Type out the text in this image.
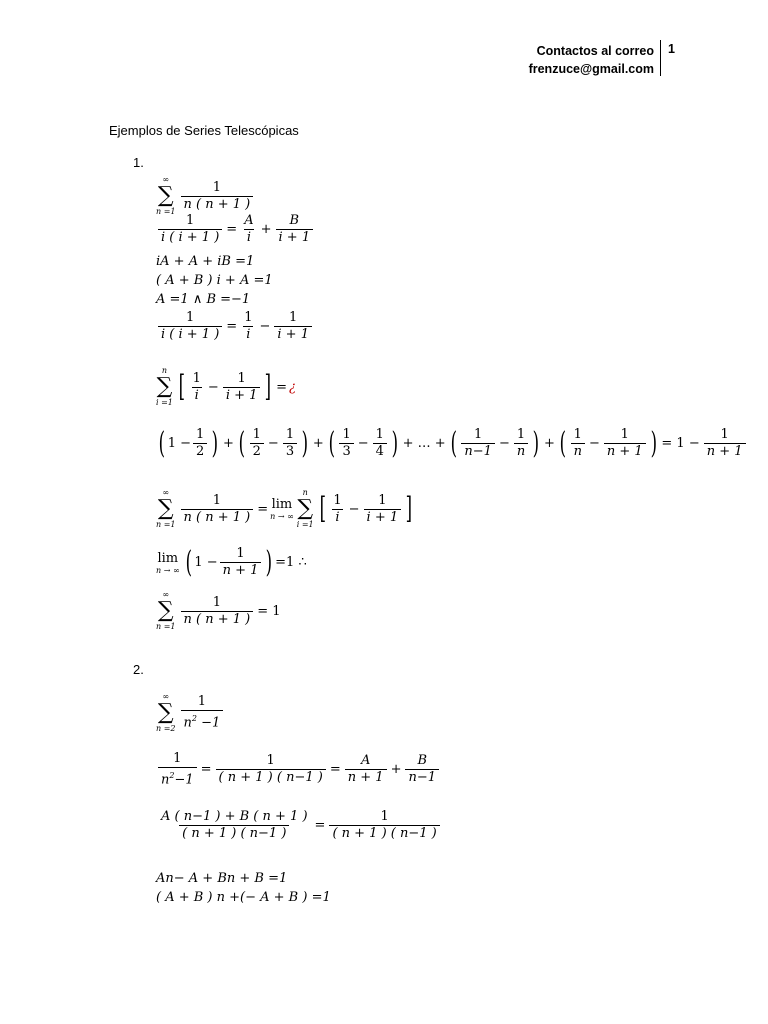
Contactos al correo
frenzuce@gmail.com
1
Ejemplos de Series Telescópicas
1.
∞
∑
$n =1 \frac{1}{n ( n + 1 )}$
$\frac{1}{i ( i + 1 )} = \frac{A}{i} + \frac{B}{i + 1}$
iA + A + iB =1
( A + B ) i + A =1
A =1 ∧ B =−1
$\frac{1}{i ( i + 1 )} = \frac{1}{i} - \frac{1}{i + 1}$
n
∑
i =1 [ $\frac{1}{i} - \frac{1}{i + 1}$ ] = ¿
( $1 - \frac{1}{2}$ ) + ( $\frac{1}{2} - \frac{1}{3}$ ) + ( $\frac{1}{3} - \frac{1}{4}$ ) + … + ( $\frac{1}{n-1} - \frac{1}{n}$ ) + ( $\frac{1}{n} - \frac{1}{n + 1}$ ) = $1 - \frac{1}{n + 1}$
∞
∑
$n =1 \frac{1}{n ( n + 1 )} = \lim$
n → ∞
n
∑
i =1 [ $\frac{1}{i} - \frac{1}{i + 1}$ ]
lim
n → ∞ ( $1 - \frac{1}{n + 1}$ ) =1 ∴
∞
∑
$n =1 \frac{1}{n ( n + 1 )} = 1$
2.
∞
∑
$n =2 \frac{1}{n^2 -1}$
$\frac{1}{n^2-1} = \frac{1}{( n + 1 ) ( n-1 )} = \frac{A}{n + 1} + \frac{B}{n-1}$
$\frac{A ( n-1 ) + B ( n + 1 )}{( n + 1 ) ( n-1 )} = \frac{1}{( n + 1 ) ( n-1 )}$
An− A + Bn + B =1
( A + B ) n +(− A + B ) =1
